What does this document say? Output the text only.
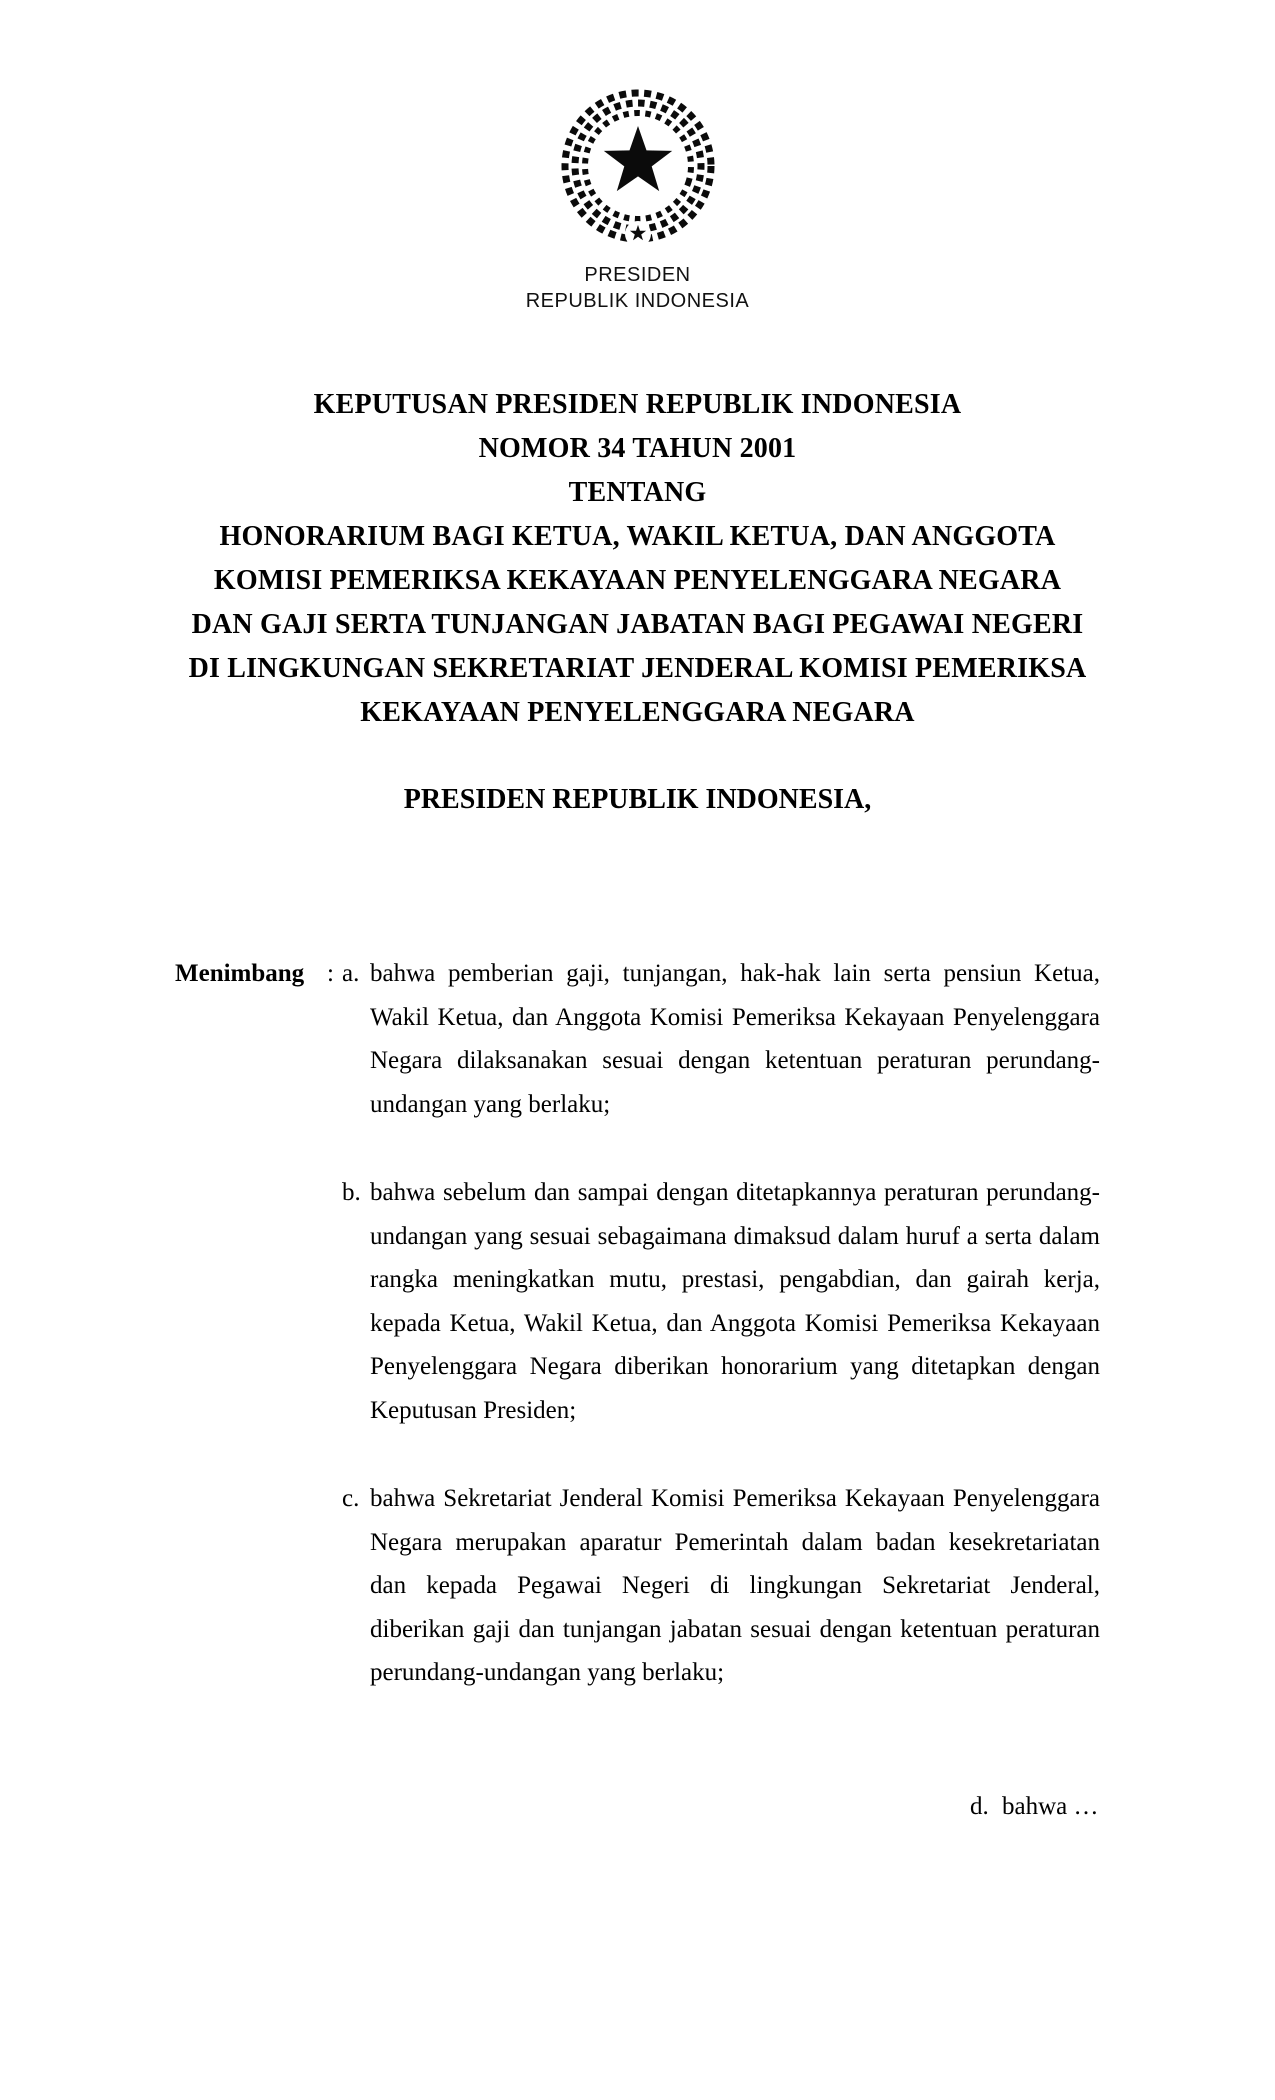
PRESIDEN
REPUBLIK INDONESIA
KEPUTUSAN PRESIDEN REPUBLIK INDONESIA
NOMOR 34 TAHUN 2001
TENTANG
HONORARIUM BAGI KETUA, WAKIL KETUA, DAN ANGGOTA
KOMISI PEMERIKSA KEKAYAAN PENYELENGGARA NEGARA
DAN GAJI SERTA TUNJANGAN JABATAN BAGI PEGAWAI NEGERI
DI LINGKUNGAN SEKRETARIAT JENDERAL KOMISI PEMERIKSA
KEKAYAAN PENYELENGGARA NEGARA
PRESIDEN REPUBLIK INDONESIA,
Menimbang : a. bahwa pemberian gaji, tunjangan, hak-hak lain serta pensiun Ketua, Wakil Ketua, dan Anggota Komisi Pemeriksa Kekayaan Penyelenggara Negara dilaksanakan sesuai dengan ketentuan peraturan perundang-undangan yang berlaku;
b. bahwa sebelum dan sampai dengan ditetapkannya peraturan perundang-undangan yang sesuai sebagaimana dimaksud dalam huruf a serta dalam rangka meningkatkan mutu, prestasi, pengabdian, dan gairah kerja, kepada Ketua, Wakil Ketua, dan Anggota Komisi Pemeriksa Kekayaan Penyelenggara Negara diberikan honorarium yang ditetapkan dengan Keputusan Presiden;
c. bahwa Sekretariat Jenderal Komisi Pemeriksa Kekayaan Penyelenggara Negara merupakan aparatur Pemerintah dalam badan kesekretariatan dan kepada Pegawai Negeri di lingkungan Sekretariat Jenderal, diberikan gaji dan tunjangan jabatan sesuai dengan ketentuan peraturan perundang-undangan yang berlaku;
d. bahwa …
